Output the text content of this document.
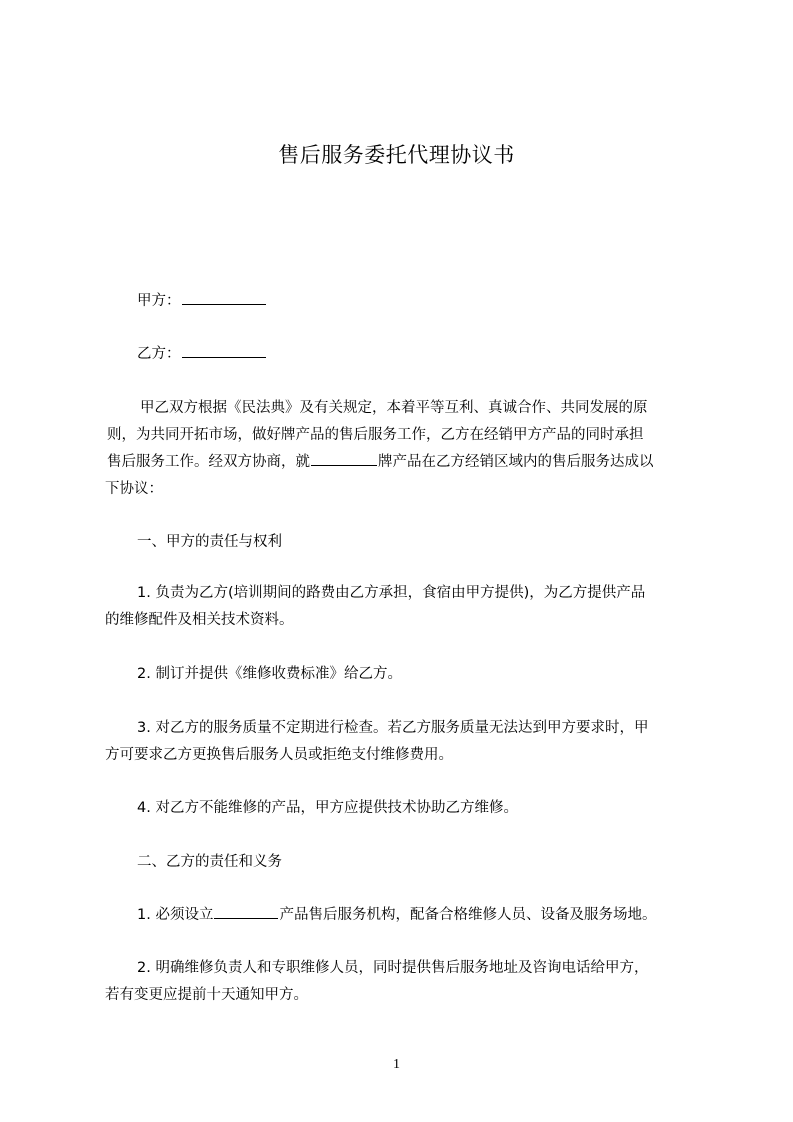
售后服务委托代理协议书
甲方：
乙方：
甲乙双方根据《民法典》及有关规定，本着平等互利、真诚合作、共同发展的原
则，为共同开拓市场，做好牌产品的售后服务工作，乙方在经销甲方产品的同时承担
售后服务工作。经双方协商，就	牌产品在乙方经销区域内的售后服务达成以
下协议：
一、甲方的责任与权利
1. 负责为乙方(培训期间的路费由乙方承担，食宿由甲方提供)，为乙方提供产品
的维修配件及相关技术资料。
2. 制订并提供《维修收费标准》给乙方。
3. 对乙方的服务质量不定期进行检查。若乙方服务质量无法达到甲方要求时，甲
方可要求乙方更换售后服务人员或拒绝支付维修费用。
4. 对乙方不能维修的产品，甲方应提供技术协助乙方维修。
二、乙方的责任和义务
1. 必须设立	产品售后服务机构，配备合格维修人员、设备及服务场地。
2. 明确维修负责人和专职维修人员，同时提供售后服务地址及咨询电话给甲方，
若有变更应提前十天通知甲方。
1
